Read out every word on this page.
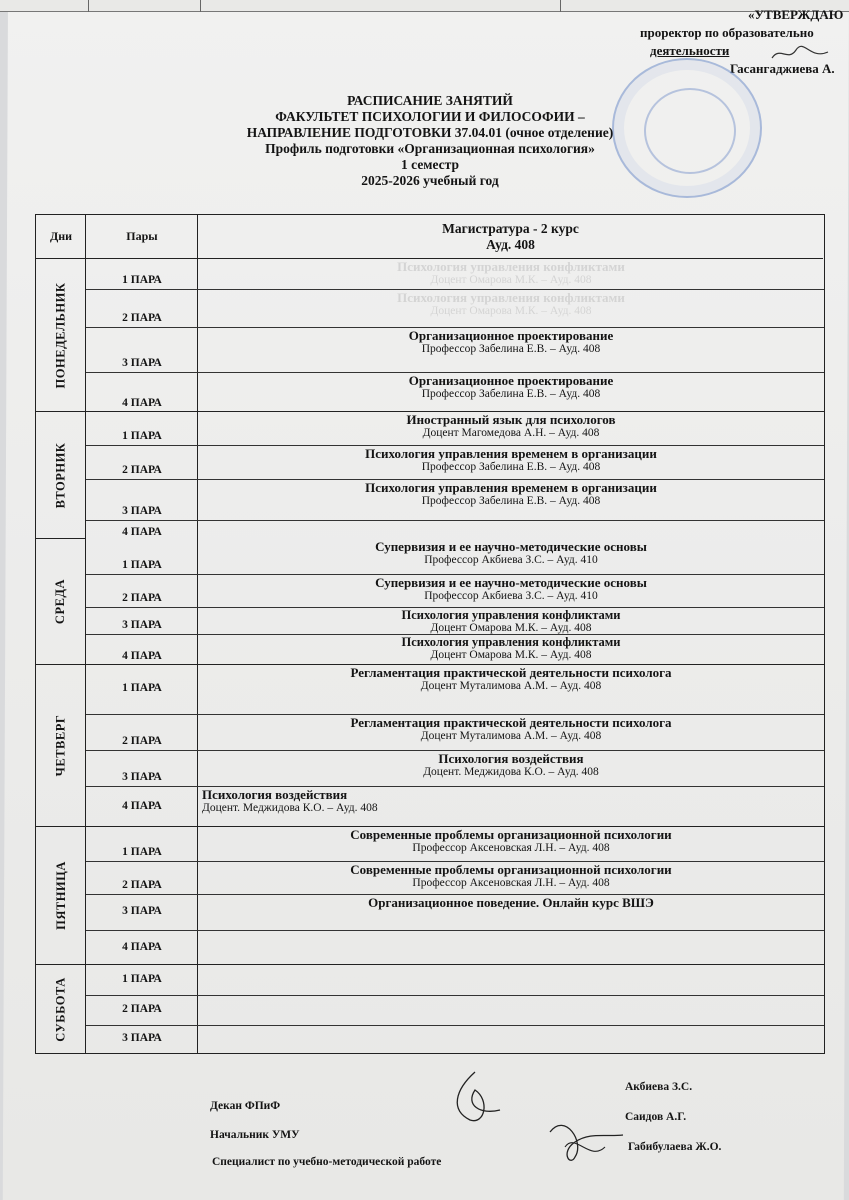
«УТВЕРЖДАЮ
проректор по образовательно
деятельности
Гасангаджиева А.
РАСПИСАНИЕ ЗАНЯТИЙ
ФАКУЛЬТЕТ ПСИХОЛОГИИ И ФИЛОСОФИИ –
НАПРАВЛЕНИЕ ПОДГОТОВКИ 37.04.01 (очное отделение)
Профиль подготовки «Организационная психология»
1 семестр
2025-2026 учебный год
Дни	Пары
Магистратура - 2 курс
Ауд. 408
ПОНЕДЕЛЬНИК
ВТОРНИК
СРЕДА
ЧЕТВЕРГ
ПЯТНИЦА
СУББОТА
1 ПАРА
Психология управления конфликтами
Доцент Омарова М.К. – Ауд. 408
2 ПАРА
Психология управления конфликтами
Доцент Омарова М.К. – Ауд. 408
3 ПАРА
Организационное проектирование
Профессор Забелина Е.В. – Ауд. 408
4 ПАРА
Организационное проектирование
Профессор Забелина Е.В. – Ауд. 408
1 ПАРА
Иностранный язык для психологов
Доцент Магомедова А.Н. – Ауд. 408
2 ПАРА
Психология управления временем в организации
Профессор Забелина Е.В. – Ауд. 408
3 ПАРА
Психология управления временем в организации
Профессор Забелина Е.В. – Ауд. 408
4 ПАРА
1 ПАРА
Супервизия и ее научно-методические основы
Профессор Акбиева З.С. – Ауд. 410
2 ПАРА
Супервизия и ее научно-методические основы
Профессор Акбиева З.С. – Ауд. 410
3 ПАРА
Психология управления конфликтами
Доцент Омарова М.К. – Ауд. 408
4 ПАРА
Психология управления конфликтами
Доцент Омарова М.К. – Ауд. 408
1 ПАРА
Регламентация практической деятельности психолога
Доцент Муталимова А.М. – Ауд. 408
2 ПАРА
Регламентация практической деятельности психолога
Доцент Муталимова А.М. – Ауд. 408
3 ПАРА
Психология воздействия
Доцент. Меджидова К.О. – Ауд. 408
4 ПАРА
Психология воздействия
Доцент. Меджидова К.О. – Ауд. 408
1 ПАРА
Современные проблемы организационной психологии
Профессор Аксеновская Л.Н. – Ауд. 408
2 ПАРА
Современные проблемы организационной психологии
Профессор Аксеновская Л.Н. – Ауд. 408
3 ПАРА
Организационное поведение. Онлайн курс ВШЭ
4 ПАРА
1 ПАРА
2 ПАРА
3 ПАРА
Декан ФПиФ
Начальник УМУ
Специалист по учебно-методической работе
Акбиева З.С.
Саидов А.Г.
Габибулаева Ж.О.
